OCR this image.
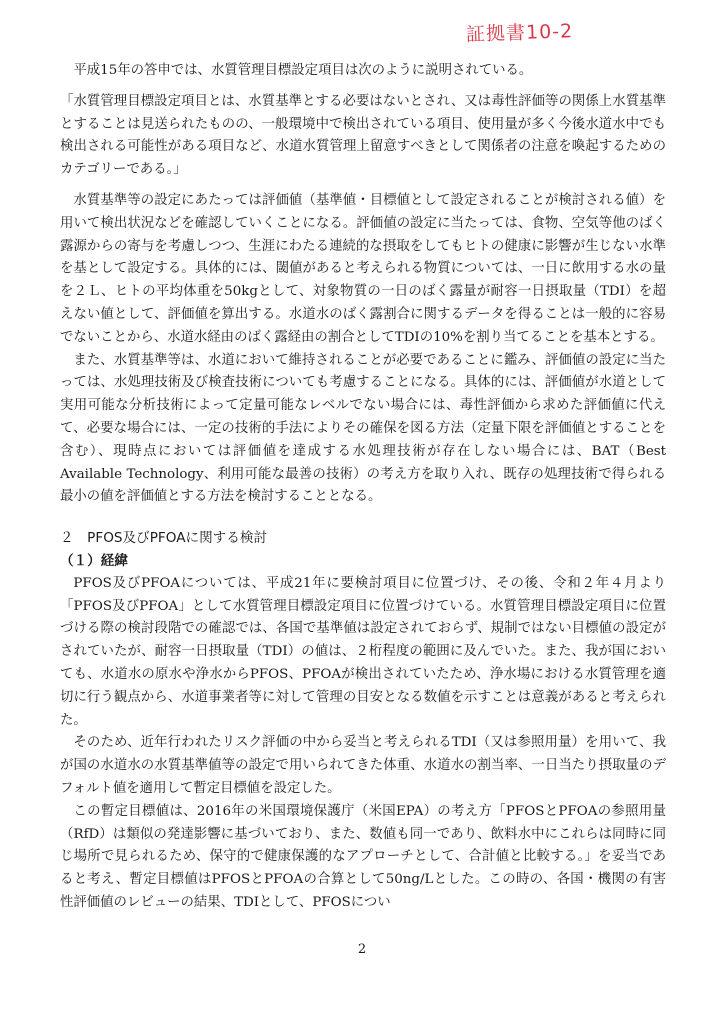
証拠書10-2

平成15年の答申では、水質管理目標設定項目は次のように説明されている。

「水質管理目標設定項目とは、水質基準とする必要はないとされ、又は毒性評価等の関係上水質基準とすることは見送られたものの、一般環境中で検出されている項目、使用量が多く今後水道水中でも検出される可能性がある項目など、水道水質管理上留意すべきとして関係者の注意を喚起するためのカテゴリーである。」

水質基準等の設定にあたっては評価値（基準値・目標値として設定されることが検討される値）を用いて検出状況などを確認していくことになる。評価値の設定に当たっては、食物、空気等他のばく露源からの寄与を考慮しつつ、生涯にわたる連続的な摂取をしてもヒトの健康に影響が生じない水準を基として設定する。具体的には、閾値があると考えられる物質については、一日に飲用する水の量を２Ｌ、ヒトの平均体重を50kgとして、対象物質の一日のばく露量が耐容一日摂取量（TDI）を超えない値として、評価値を算出する。水道水のばく露割合に関するデータを得ることは一般的に容易でないことから、水道水経由のばく露経由の割合としてTDIの10%を割り当てることを基本とする。

また、水質基準等は、水道において維持されることが必要であることに鑑み、評価値の設定に当たっては、水処理技術及び検査技術についても考慮することになる。具体的には、評価値が水道として実用可能な分析技術によって定量可能なレベルでない場合には、毒性評価から求めた評価値に代えて、必要な場合には、一定の技術的手法によりその確保を図る方法（定量下限を評価値とすることを含む）、現時点においては評価値を達成する水処理技術が存在しない場合には、BAT（Best Available Technology、利用可能な最善の技術）の考え方を取り入れ、既存の処理技術で得られる最小の値を評価値とする方法を検討することとなる。

２　PFOS及びPFOAに関する検討

（１）経緯

PFOS及びPFOAについては、平成21年に要検討項目に位置づけ、その後、令和２年４月より「PFOS及びPFOA」として水質管理目標設定項目に位置づけている。水質管理目標設定項目に位置づける際の検討段階での確認では、各国で基準値は設定されておらず、規制ではない目標値の設定がされていたが、耐容一日摂取量（TDI）の値は、２桁程度の範囲に及んでいた。また、我が国においても、水道水の原水や浄水からPFOS、PFOAが検出されていたため、浄水場における水質管理を適切に行う観点から、水道事業者等に対して管理の目安となる数値を示すことは意義があると考えられた。

そのため、近年行われたリスク評価の中から妥当と考えられるTDI（又は参照用量）を用いて、我が国の水道水の水質基準値等の設定で用いられてきた体重、水道水の割当率、一日当たり摂取量のデフォルト値を適用して暫定目標値を設定した。

この暫定目標値は、2016年の米国環境保護庁（米国EPA）の考え方「PFOSとPFOAの参照用量（RfD）は類似の発達影響に基づいており、また、数値も同一であり、飲料水中にこれらは同時に同じ場所で見られるため、保守的で健康保護的なアプローチとして、合計値と比較する。」を妥当であると考え、暫定目標値はPFOSとPFOAの合算として50ng/Lとした。この時の、各国・機関の有害性評価値のレビューの結果、TDIとして、PFOSについ

2
